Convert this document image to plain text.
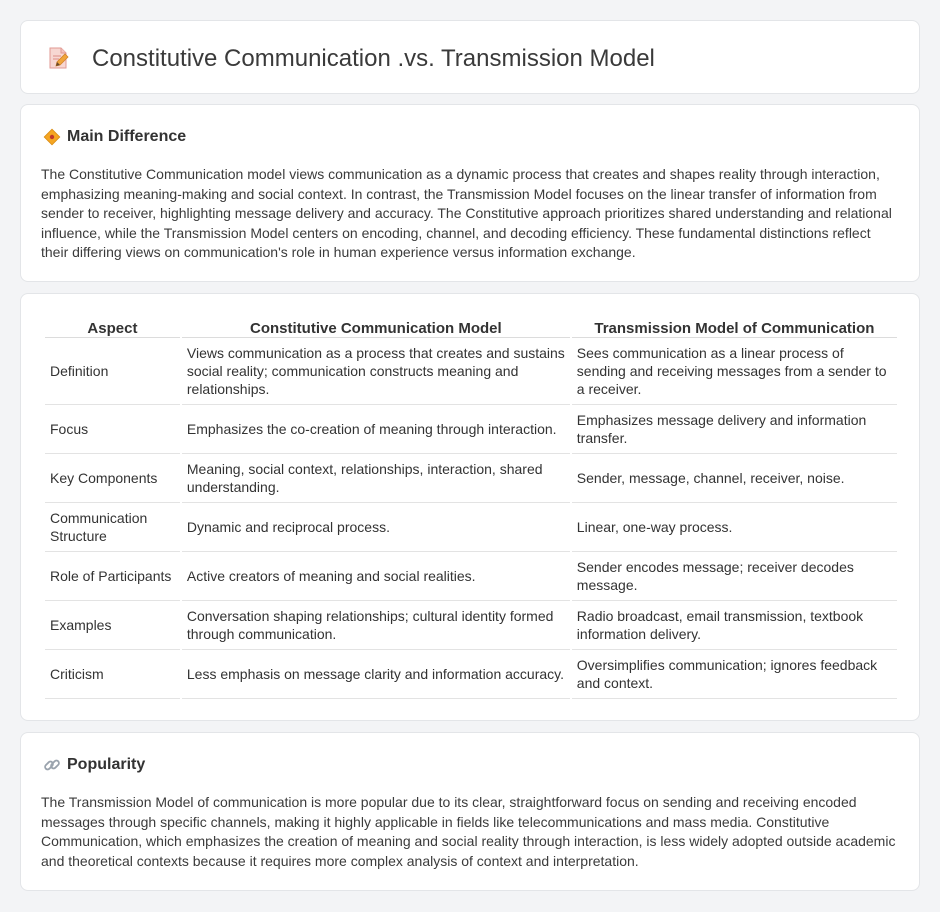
Constitutive Communication .vs. Transmission Model
Main Difference

The Constitutive Communication model views communication as a dynamic process that creates and shapes reality through interaction, emphasizing meaning-making and social context. In contrast, the Transmission Model focuses on the linear transfer of information from sender to receiver, highlighting message delivery and accuracy. The Constitutive approach prioritizes shared understanding and relational influence, while the Transmission Model centers on encoding, channel, and decoding efficiency. These fundamental distinctions reflect their differing views on communication's role in human experience versus information exchange.

Aspect	Constitutive Communication Model	Transmission Model of Communication
Definition	Views communication as a process that creates and sustains social reality; communication constructs meaning and relationships.	Sees communication as a linear process of sending and receiving messages from a sender to a receiver.
Focus	Emphasizes the co-creation of meaning through interaction.	Emphasizes message delivery and information transfer.
Key Components	Meaning, social context, relationships, interaction, shared understanding.	Sender, message, channel, receiver, noise.
Communication Structure	Dynamic and reciprocal process.	Linear, one-way process.
Role of Participants	Active creators of meaning and social realities.	Sender encodes message; receiver decodes message.
Examples	Conversation shaping relationships; cultural identity formed through communication.	Radio broadcast, email transmission, textbook information delivery.
Criticism	Less emphasis on message clarity and information accuracy.	Oversimplifies communication; ignores feedback and context.
Popularity

The Transmission Model of communication is more popular due to its clear, straightforward focus on sending and receiving encoded messages through specific channels, making it highly applicable in fields like telecommunications and mass media. Constitutive Communication, which emphasizes the creation of meaning and social reality through interaction, is less widely adopted outside academic and theoretical contexts because it requires more complex analysis of context and interpretation.
